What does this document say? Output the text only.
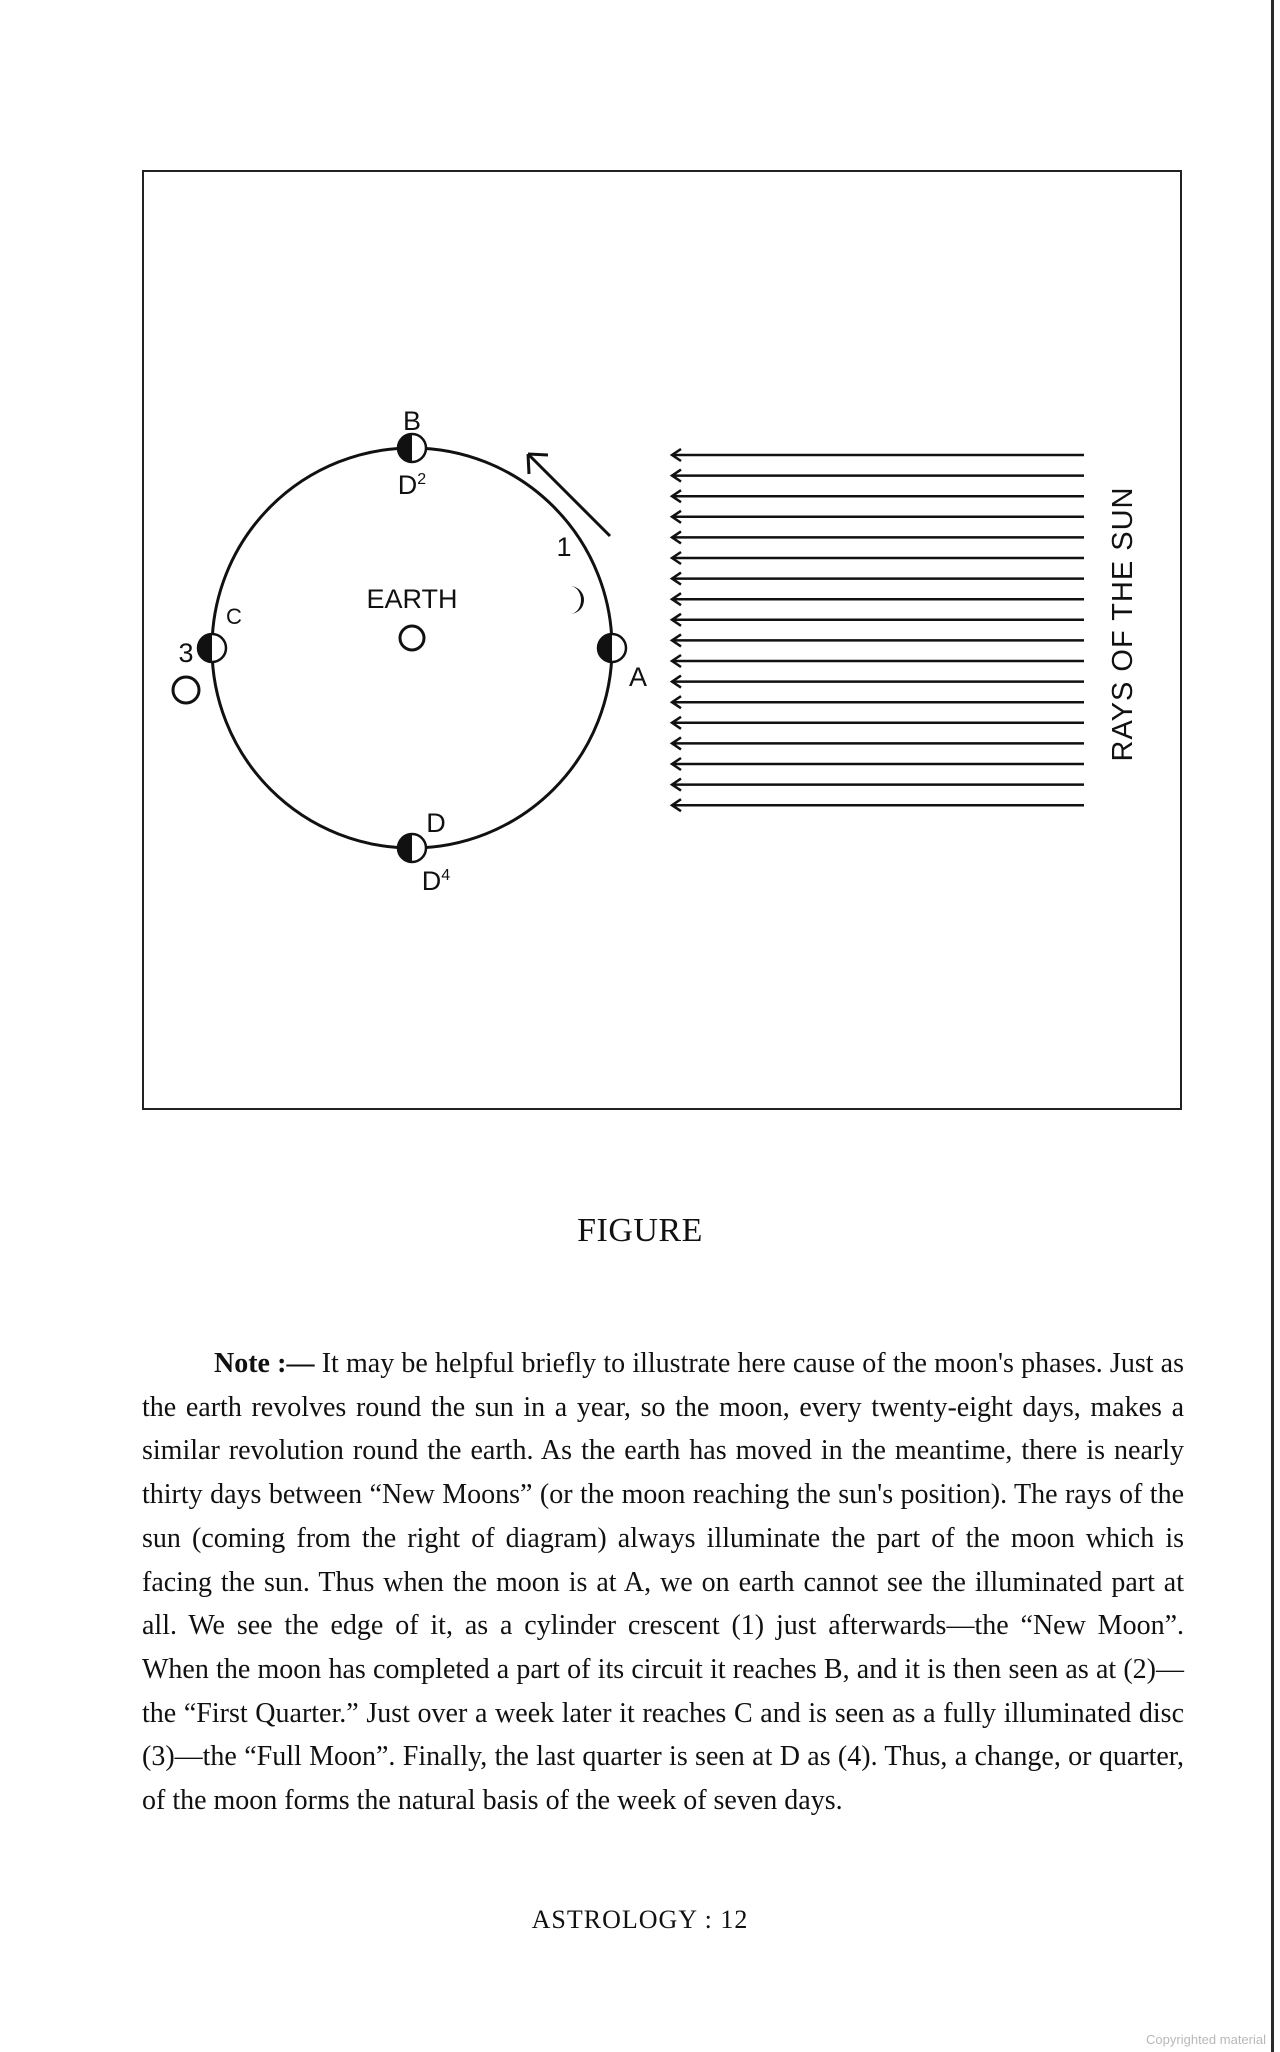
EARTH
B
$D^2$
1
A
C
3
D
$D^4$
RAYS OF THE SUN
FIGURE

Note :— It may be helpful briefly to illustrate here cause of the moon's phases. Just as the earth revolves round the sun in a year, so the moon, every twenty-eight days, makes a similar revolution round the earth. As the earth has moved in the meantime, there is nearly thirty days between “New Moons” (or the moon reaching the sun's position). The rays of the sun (coming from the right of diagram) always illuminate the part of the moon which is facing the sun. Thus when the moon is at A, we on earth cannot see the illuminated part at all. We see the edge of it, as a cylinder crescent (1) just afterwards—the “New Moon”. When the moon has completed a part of its circuit it reaches B, and it is then seen as at (2)—the “First Quarter.” Just over a week later it reaches C and is seen as a fully illuminated disc (3)—the “Full Moon”. Finally, the last quarter is seen at D as (4). Thus, a change, or quarter, of the moon forms the natural basis of the week of seven days.

ASTROLOGY : 12
Copyrighted material
